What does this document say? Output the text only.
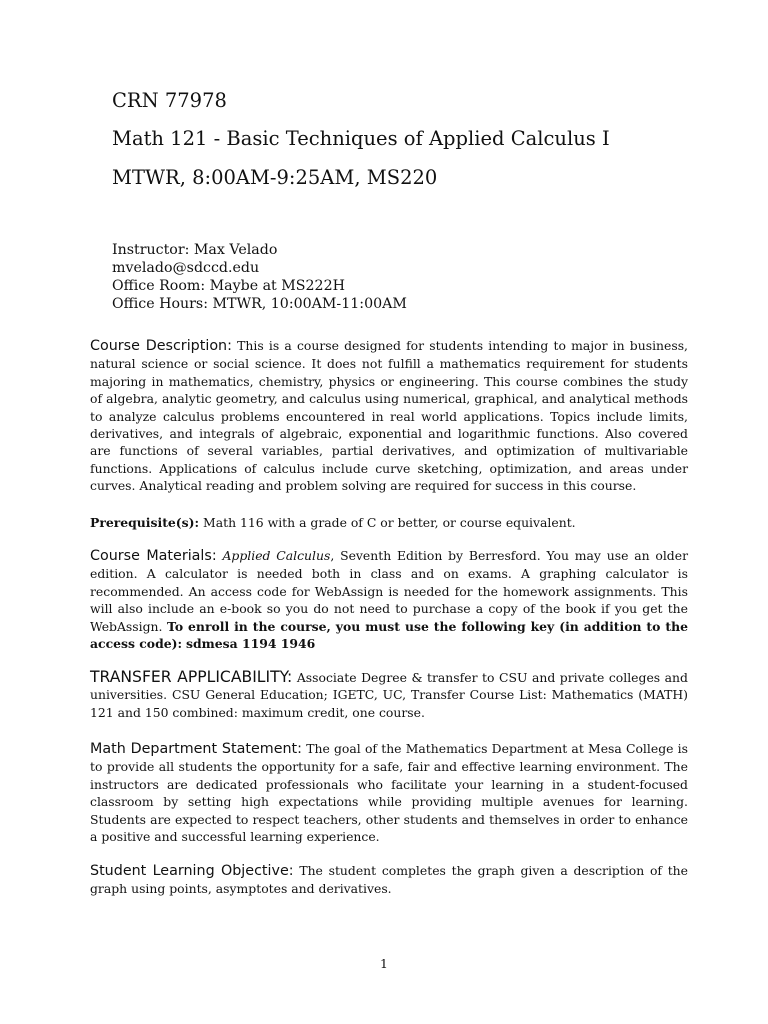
CRN 77978
Math 121 - Basic Techniques of Applied Calculus I
MTWR, 8:00AM-9:25AM, MS220
Instructor: Max Velado
mvelado@sdccd.edu
Office Room: Maybe at MS222H
Office Hours: MTWR, 10:00AM-11:00AM

Course Description: This is a course designed for students intending to major in business, natural science or social science. It does not fulfill a mathematics requirement for students majoring in mathematics, chemistry, physics or engineering. This course combines the study of algebra, analytic geometry, and calculus using numerical, graphical, and analytical methods to analyze calculus problems encountered in real world applications. Topics include limits, derivatives, and integrals of algebraic, exponential and logarithmic functions. Also covered are functions of several variables, partial derivatives, and optimization of multivariable functions. Applications of calculus include curve sketching, optimization, and areas under curves. Analytical reading and problem solving are required for success in this course.

Prerequisite(s): Math 116 with a grade of C or better, or course equivalent.

Course Materials: Applied Calculus, Seventh Edition by Berresford. You may use an older edition. A calculator is needed both in class and on exams. A graphing calculator is recommended. An access code for WebAssign is needed for the homework assignments. This will also include an e-book so you do not need to purchase a copy of the book if you get the WebAssign. To enroll in the course, you must use the following key (in addition to the access code): sdmesa 1194 1946

TRANSFER APPLICABILITY: Associate Degree & transfer to CSU and private colleges and universities. CSU General Education; IGETC, UC, Transfer Course List: Mathematics (MATH) 121 and 150 combined: maximum credit, one course.

Math Department Statement: The goal of the Mathematics Department at Mesa College is to provide all students the opportunity for a safe, fair and effective learning environment. The instructors are dedicated professionals who facilitate your learning in a student-focused classroom by setting high expectations while providing multiple avenues for learning. Students are expected to respect teachers, other students and themselves in order to enhance a positive and successful learning experience.

Student Learning Objective: The student completes the graph given a description of the graph using points, asymptotes and derivatives.

1
